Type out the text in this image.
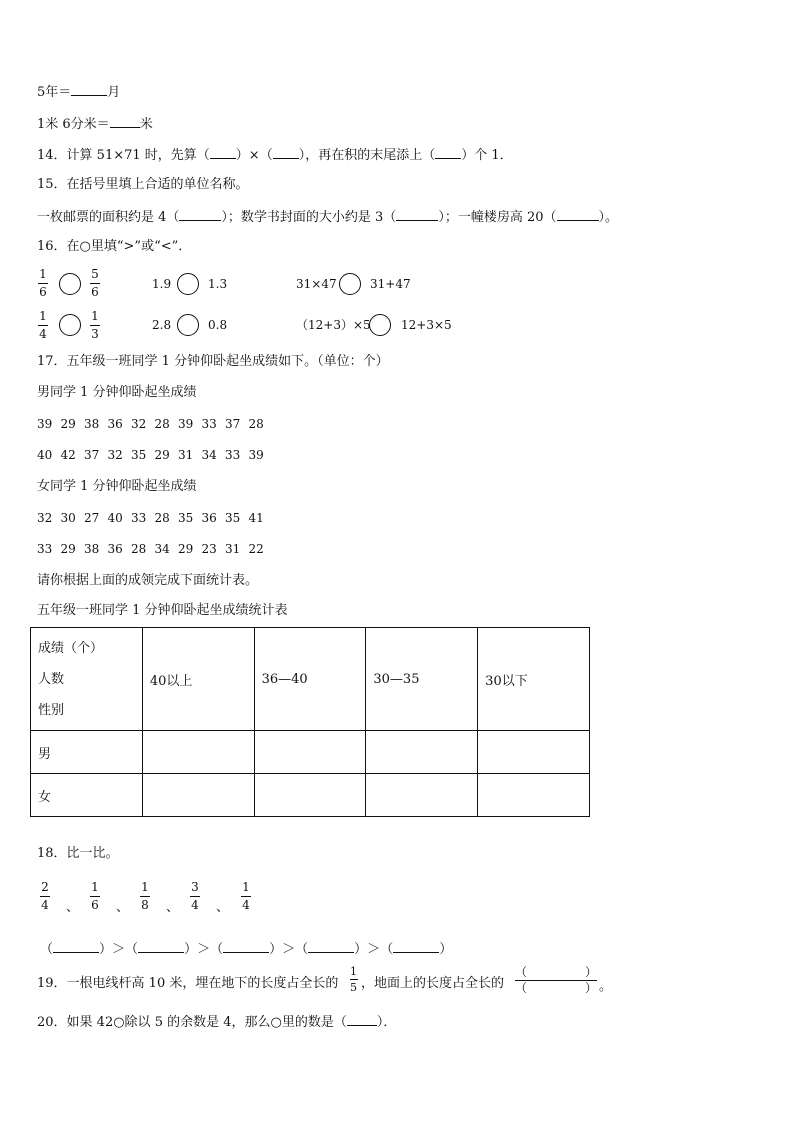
5年＝	月
1米 6分米＝ 米
14．计算 51×71 时，先算（ ）×（ ），再在积的末尾添上（ ）个 1．
15．在括号里填上合适的单位名称。
一枚邮票的面积约是 4（	）；数学书封面的大小约是 3（	）；一幢楼房高 20（	）。
16．在○里填“>”或“<”．
1
6
5
6
1.9	1.3	31×47	31+47
1
4
1
3
2.8	0.8	（12+3）×5	12+3×5
17．五年级一班同学 1 分钟仰卧起坐成绩如下。（单位：个）
男同学 1 分钟仰卧起坐成绩
39 29 38 36 32 28 39 33 37 28
40 42 37 32 35 29 31 34 33 39
女同学 1 分钟仰卧起坐成绩
32 30 27 40 33 28 35 36 35 41
33 29 38 36 28 34 29 23 31 22
请你根据上面的成领完成下面统计表。
五年级一班同学 1 分钟仰卧起坐成绩统计表
成绩（个）
人数
性别	40以上	36—40	30—35	30以下
男				
女				
18．比一比。
2
4 、
1
6 、
1
8 、
3
4 、
1
4
（	）＞（	）＞（	）＞（	）＞（	）
19．一根电线杆高 10 米，埋在地下的长度占全长的
1
5 ，地面上的长度占全长的
（	）
（	） 。
20．如果 42○除以 5 的余数是 4，那么○里的数是（ ）．
